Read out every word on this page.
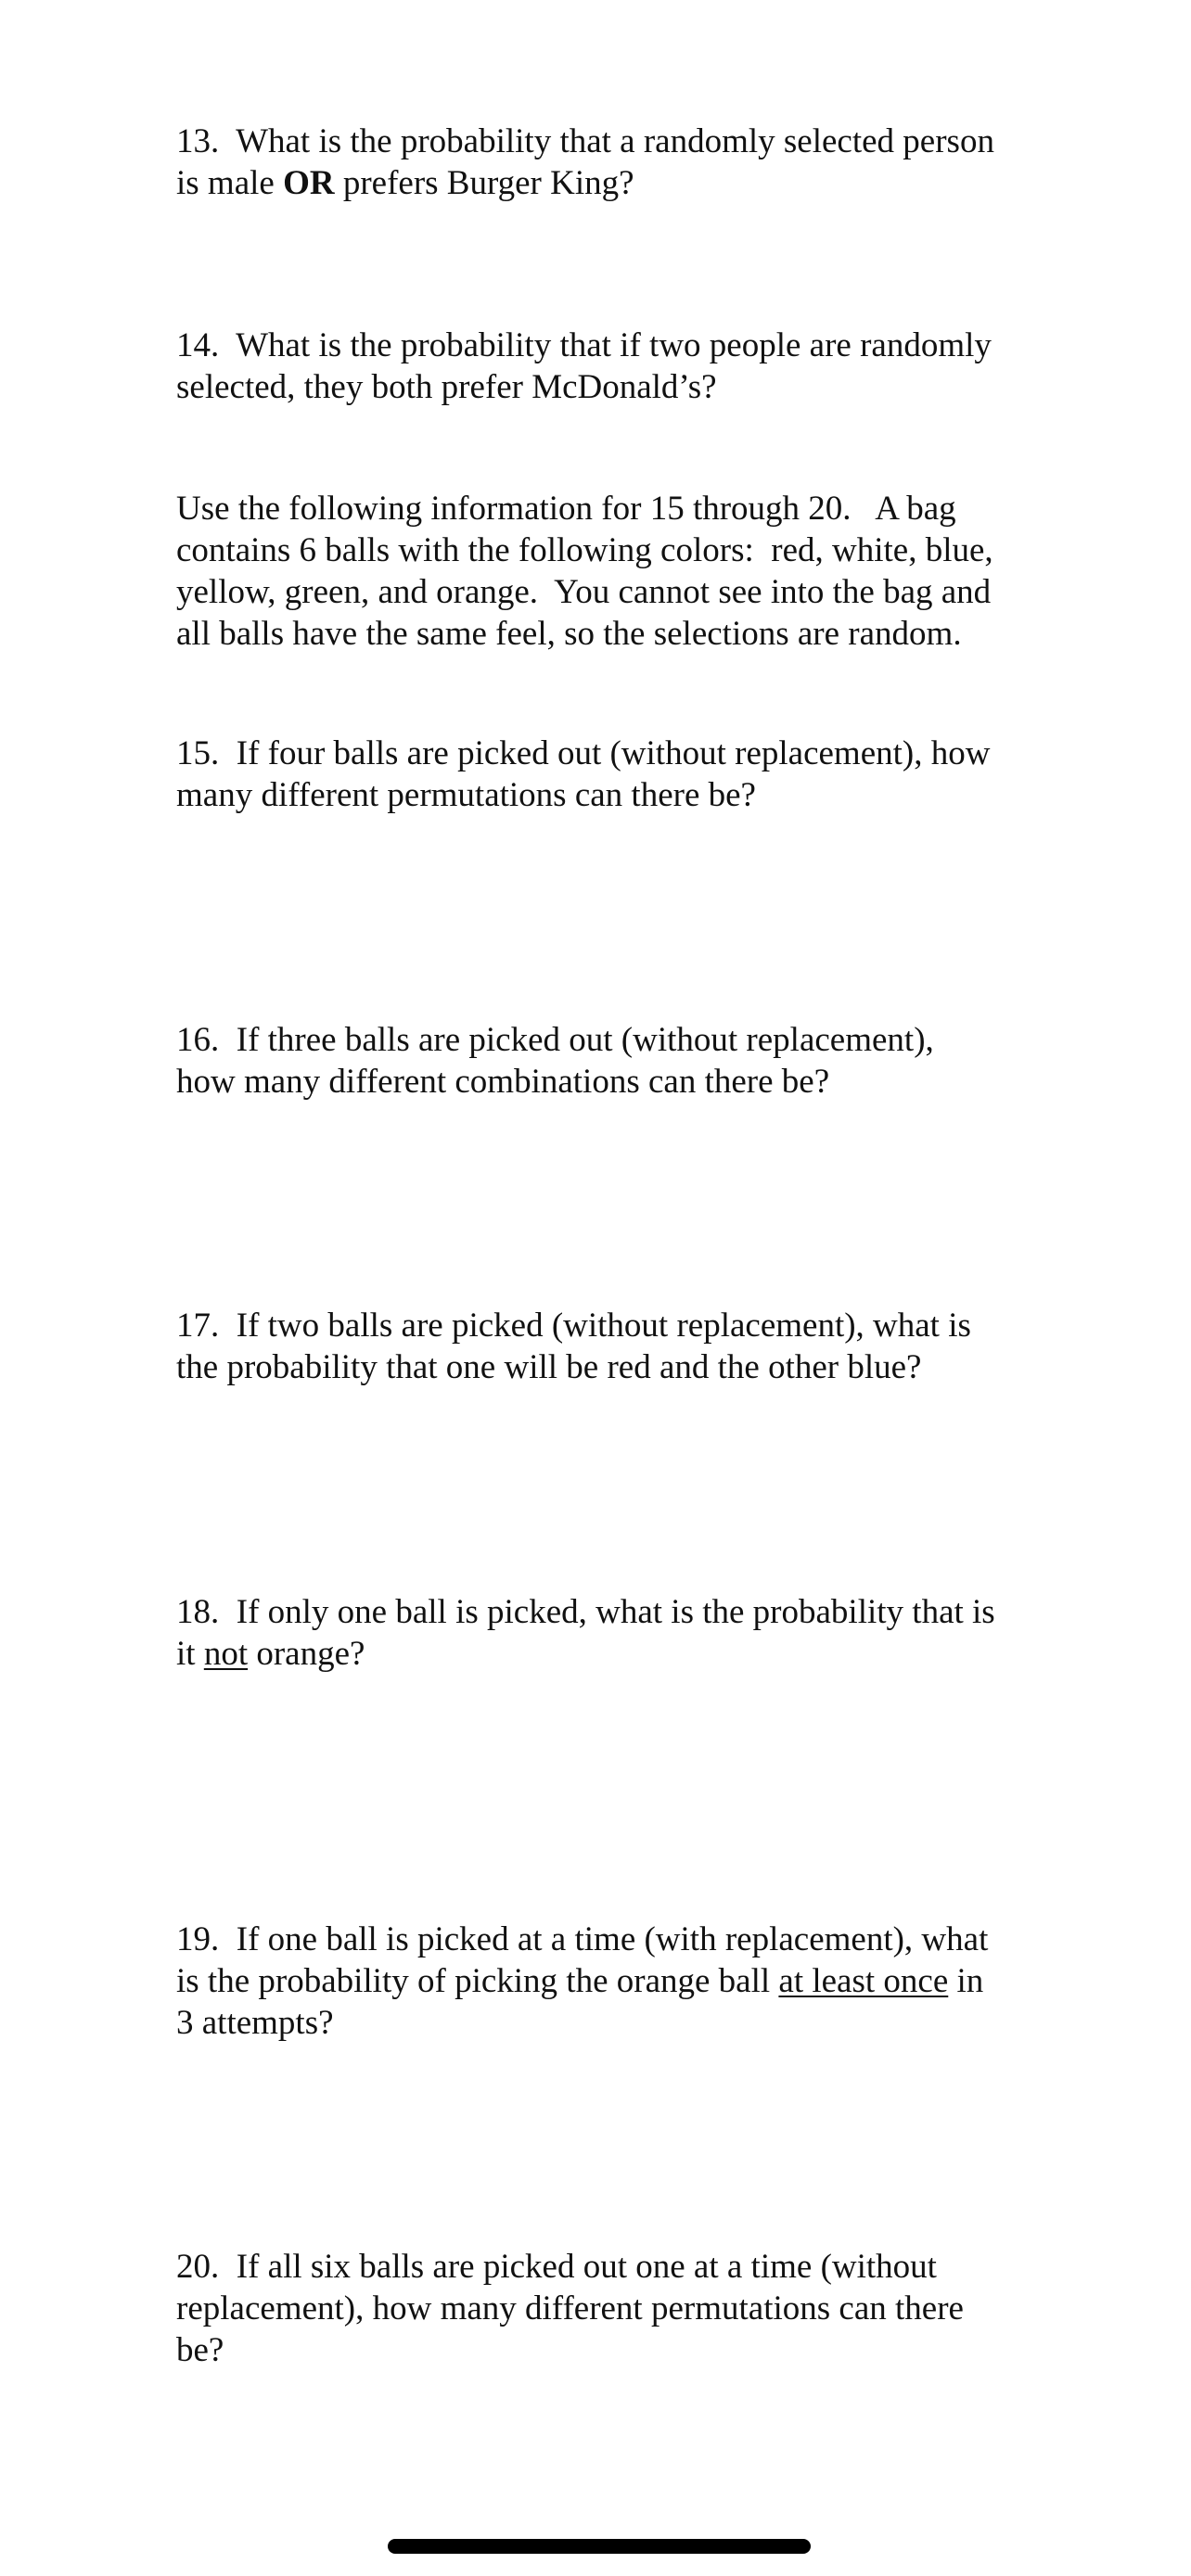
13.  What is the probability that a randomly selected person
is male OR prefers Burger King?

14.  What is the probability that if two people are randomly
selected, they both prefer McDonald’s?

Use the following information for 15 through 20.   A bag
contains 6 balls with the following colors:  red, white, blue,
yellow, green, and orange.  You cannot see into the bag and
all balls have the same feel, so the selections are random.

15.  If four balls are picked out (without replacement), how
many different permutations can there be?

16.  If three balls are picked out (without replacement),
how many different combinations can there be?

17.  If two balls are picked (without replacement), what is
the probability that one will be red and the other blue?

18.  If only one ball is picked, what is the probability that is
it not orange?

19.  If one ball is picked at a time (with replacement), what
is the probability of picking the orange ball at least once in
3 attempts?

20.  If all six balls are picked out one at a time (without
replacement), how many different permutations can there
be?
